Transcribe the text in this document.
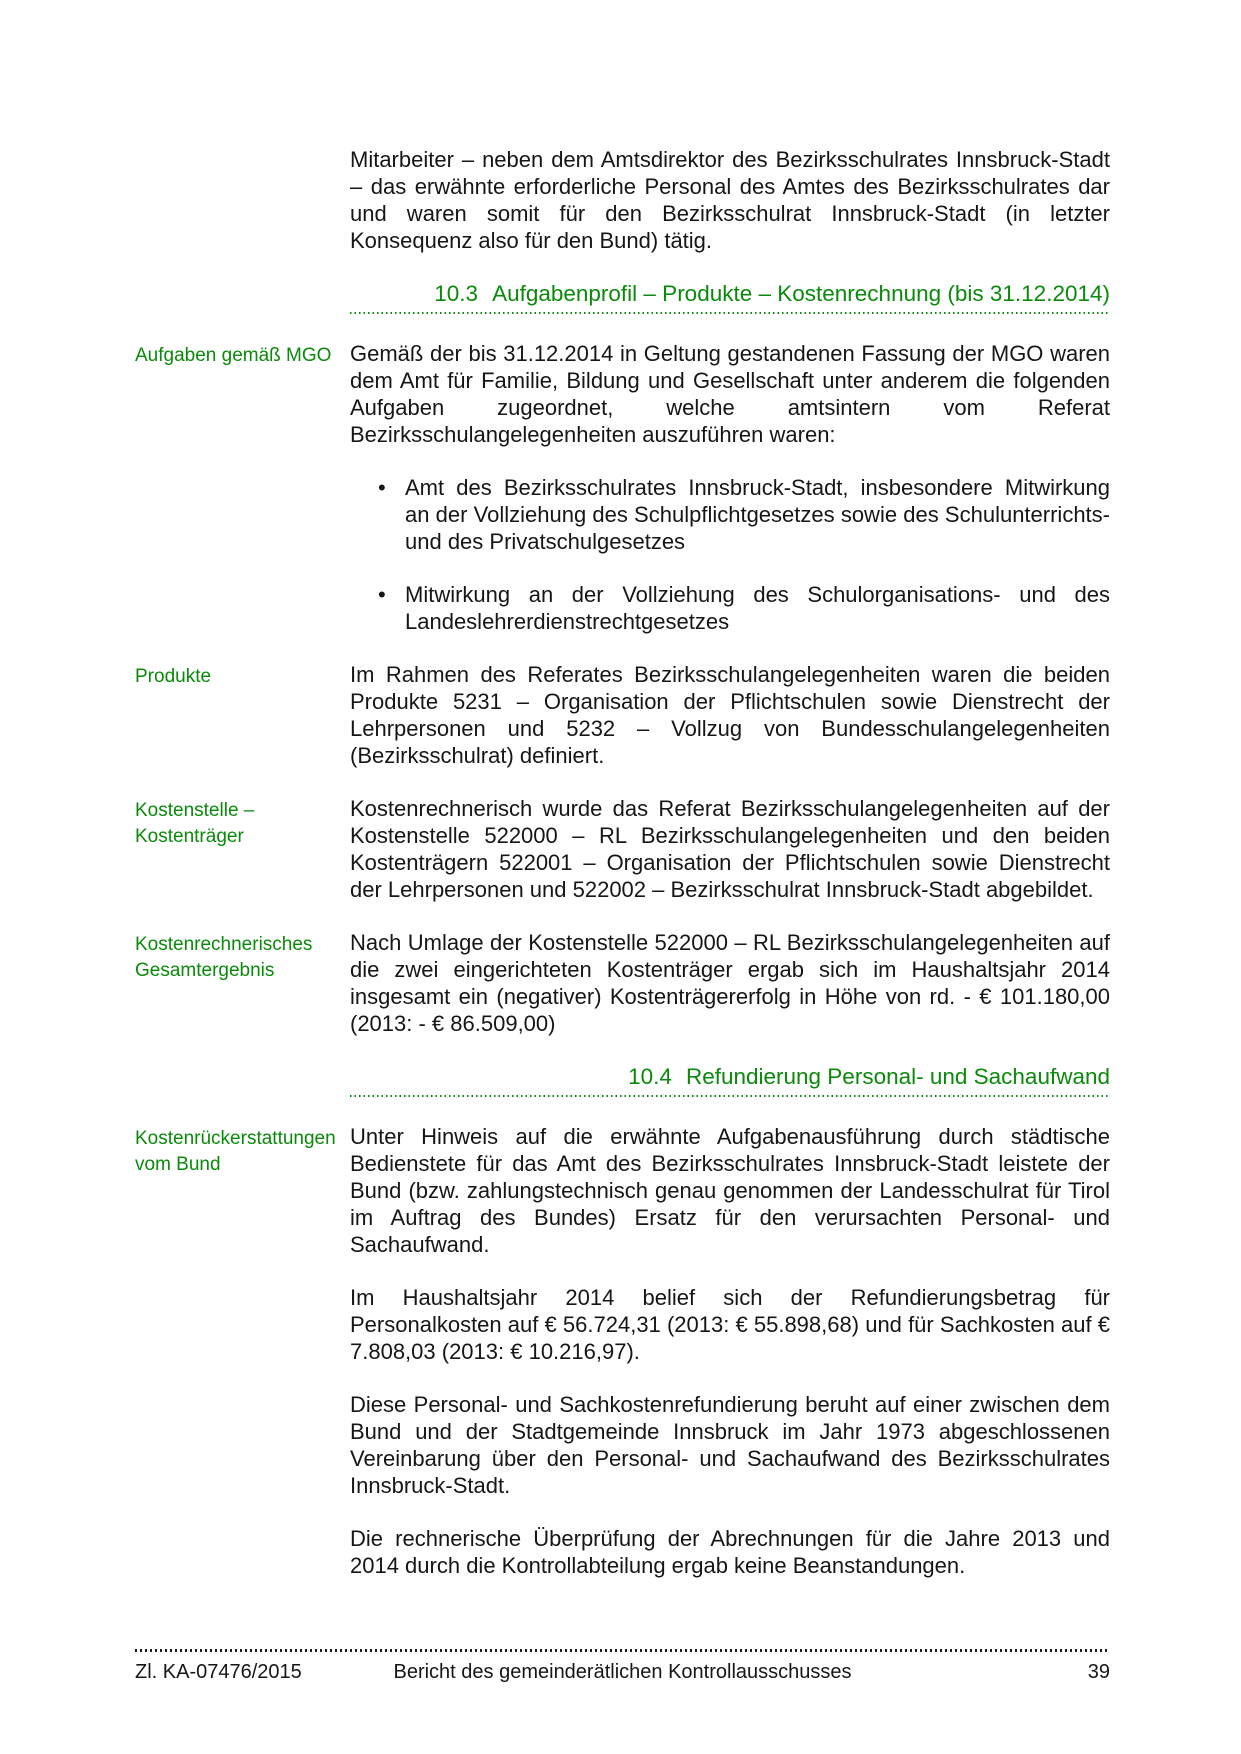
Mitarbeiter – neben dem Amtsdirektor des Bezirksschulrates Innsbruck-Stadt – das erwähnte erforderliche Personal des Amtes des Bezirksschulrates dar und waren somit für den Bezirksschulrat Innsbruck-Stadt (in letzter Konsequenz also für den Bund) tätig.
10.3 Aufgabenprofil – Produkte – Kostenrechnung (bis 31.12.2014)
Aufgaben gemäß MGO Gemäß der bis 31.12.2014 in Geltung gestandenen Fassung der MGO waren dem Amt für Familie, Bildung und Gesellschaft unter anderem die folgenden Aufgaben zugeordnet, welche amtsintern vom Referat Bezirksschulangelegenheiten auszuführen waren:
• Amt des Bezirksschulrates Innsbruck-Stadt, insbesondere Mitwirkung an der Vollziehung des Schulpflichtgesetzes sowie des Schulunterrichts- und des Privatschulgesetzes
• Mitwirkung an der Vollziehung des Schulorganisations- und des Landeslehrerdienstrechtgesetzes
Produkte	Im Rahmen des Referates Bezirksschulangelegenheiten waren die beiden Produkte 5231 – Organisation der Pflichtschulen sowie Dienstrecht der Lehrpersonen und 5232 – Vollzug von Bundesschulangelegenheiten (Bezirksschulrat) definiert.
Kostenstelle – Kostenträger
Kostenrechnerisch wurde das Referat Bezirksschulangelegenheiten auf der Kostenstelle 522000 – RL Bezirksschulangelegenheiten und den beiden Kostenträgern 522001 – Organisation der Pflichtschulen sowie Dienstrecht der Lehrpersonen und 522002 – Bezirksschulrat Innsbruck-Stadt abgebildet.
Kostenrechnerisches Gesamtergebnis
Nach Umlage der Kostenstelle 522000 – RL Bezirksschulangelegenheiten auf die zwei eingerichteten Kostenträger ergab sich im Haushaltsjahr 2014 insgesamt ein (negativer) Kostenträgererfolg in Höhe von rd. - € 101.180,00 (2013: - € 86.509,00)
10.4 Refundierung Personal- und Sachaufwand
Kostenrückerstattungen vom Bund
Unter Hinweis auf die erwähnte Aufgabenausführung durch städtische Bedienstete für das Amt des Bezirksschulrates Innsbruck-Stadt leistete der Bund (bzw. zahlungstechnisch genau genommen der Landesschulrat für Tirol im Auftrag des Bundes) Ersatz für den verursachten Personal- und Sachaufwand.
Im Haushaltsjahr 2014 belief sich der Refundierungsbetrag für Personalkosten auf € 56.724,31 (2013: € 55.898,68) und für Sachkosten auf € 7.808,03 (2013: € 10.216,97).
Diese Personal- und Sachkostenrefundierung beruht auf einer zwischen dem Bund und der Stadtgemeinde Innsbruck im Jahr 1973 abgeschlossenen Vereinbarung über den Personal- und Sachaufwand des Bezirksschulrates Innsbruck-Stadt.
Die rechnerische Überprüfung der Abrechnungen für die Jahre 2013 und 2014 durch die Kontrollabteilung ergab keine Beanstandungen.
Zl. KA-07476/2015	Bericht des gemeinderätlichen Kontrollausschusses	39
